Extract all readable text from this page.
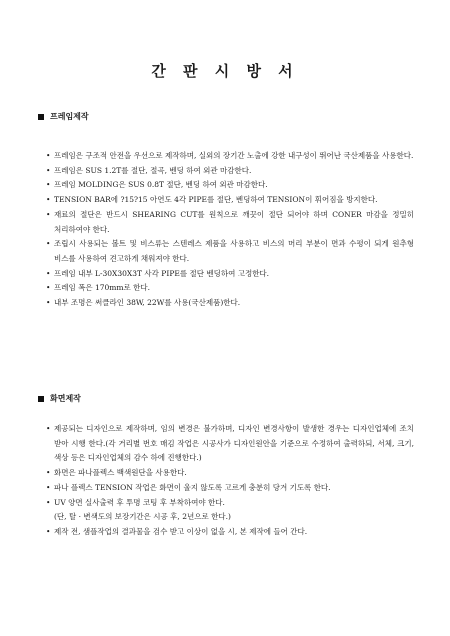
간 판 시 방 서
프레임제작
• 프레임은 구조적 안전을 우선으로 제작하며, 실외의 장기간 노출에 강한 내구성이 뛰어난 국산제품을 사용한다.
• 프레임은 SUS 1.2T를 절단, 절곡, 벤딩 하여 외관 마감한다.
• 프레임 MOLDING은 SUS 0.8T 절단, 벤딩 하여 외관 마감한다.
• TENSION BAR에 ?15?15 아연도 4각 PIPE를 절단, 벤딩하여 TENSION이 휘어짐을 방지한다.
• 재료의 절단은 반드시 SHEARING CUT를 원칙으로 깨끗이 절단 되어야 하며 CONER 마감을 정밀히 처리하여야 한다.
• 조립시 사용되는 볼트 및 비스류는 스텐레스 제품을 사용하고 비스의 머리 부분이 면과 수평이 되게 원추형 비스를 사용하여 견고하게 채워져야 한다.
• 프레임 내부 L-30X30X3T 사각 PIPE를 절단 벤딩하여 고정한다.
• 프레임 폭은 170mm로 한다.
• 내부 조명은 써클라인 38W, 22W를 사용(국산제품)한다.
화면제작
• 제공되는 디자인으로 제작하며, 임의 변경은 불가하며, 디자인 변경사항이 발생한 경우는 디자인업체에 조치 받아 시행 한다.(각 거리별 번호 매김 작업은 시공사가 디자인원안을 기준으로 수정하여 출력하되, 서체, 크기, 색상 등은 디자인업체의 감수 하에 진행한다.)
• 화면은 파나플렉스 백색원단을 사용한다.
• 파나 플렉스 TENSION 작업은 화면이 울지 않도록 고르게 충분히 당겨 기도록 한다.
• UV 양면 실사출력 후 투명 코팅 후 부착하여야 한다.
(단, 탈 · 변색도의 보장기간은 시공 후, 2년으로 한다.)
• 제작 전, 샘플작업의 결과물을 검수 받고 이상이 없을 시, 본 제작에 들어 간다.
